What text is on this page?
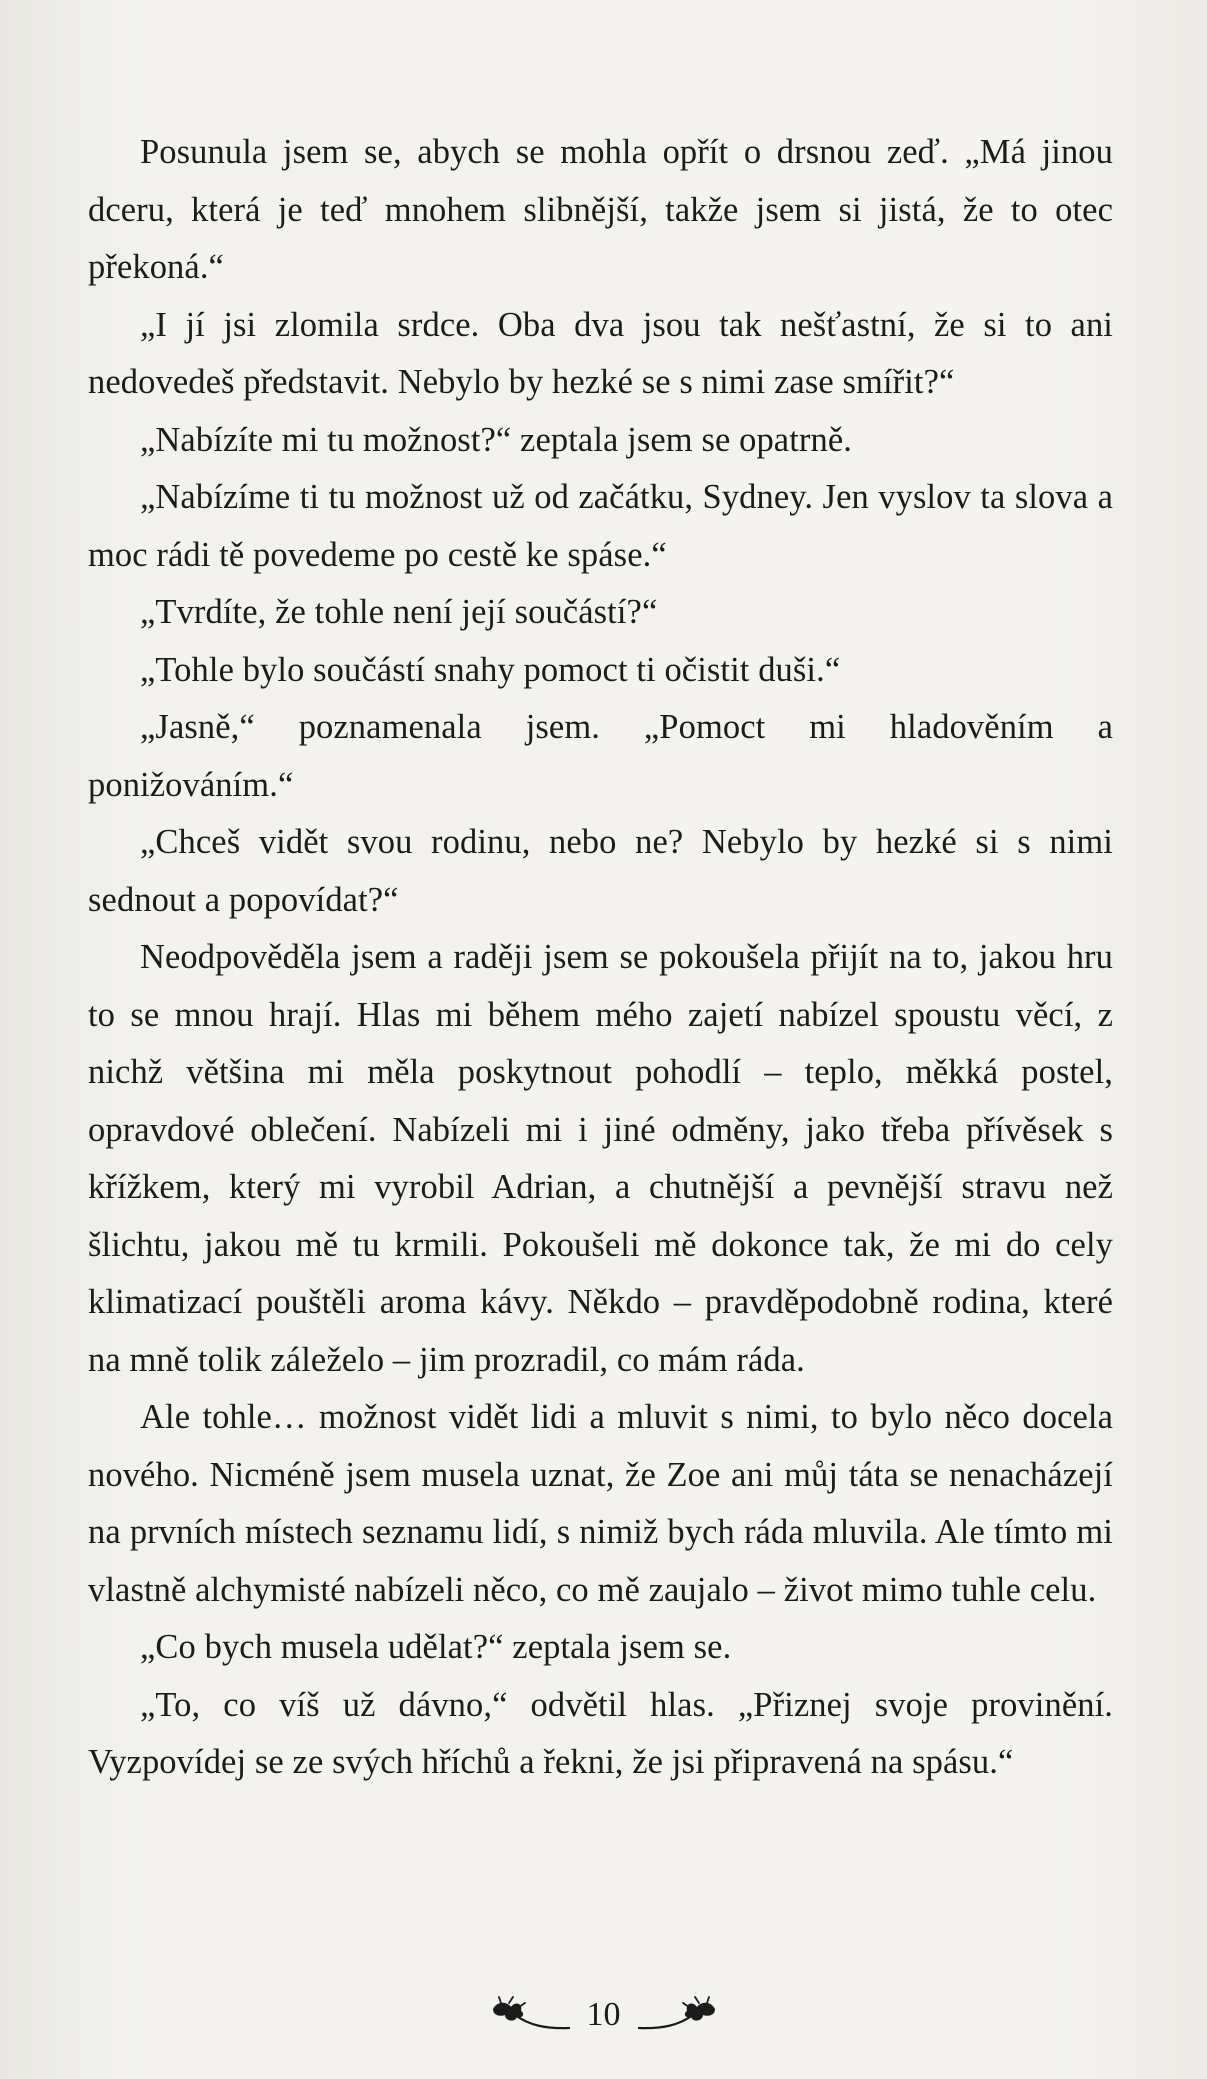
Posunula jsem se, abych se mohla opřít o drsnou zeď. „Má jinou dceru, která je teď mnohem slibnější, takže jsem si jistá, že to otec překoná.“

„I jí jsi zlomila srdce. Oba dva jsou tak nešťastní, že si to ani nedovedeš představit. Nebylo by hezké se s nimi zase smířit?“

„Nabízíte mi tu možnost?“ zeptala jsem se opatrně.

„Nabízíme ti tu možnost už od začátku, Sydney. Jen vyslov ta slova a moc rádi tě povedeme po cestě ke spáse.“

„Tvrdíte, že tohle není její součástí?“

„Tohle bylo součástí snahy pomoct ti očistit duši.“

„Jasně,“ poznamenala jsem. „Pomoct mi hladověním a ponižováním.“

„Chceš vidět svou rodinu, nebo ne? Nebylo by hezké si s nimi sednout a popovídat?“

Neodpověděla jsem a raději jsem se pokoušela přijít na to, jakou hru to se mnou hrají. Hlas mi během mého zajetí nabízel spoustu věcí, z nichž většina mi měla poskytnout pohodlí – teplo, měkká postel, opravdové oblečení. Nabízeli mi i jiné odměny, jako třeba přívěsek s křížkem, který mi vyrobil Adrian, a chutnější a pevnější stravu než šlichtu, jakou mě tu krmili. Pokoušeli mě dokonce tak, že mi do cely klimatizací pouštěli aroma kávy. Někdo – pravděpodobně rodina, které na mně tolik záleželo – jim prozradil, co mám ráda.

Ale tohle… možnost vidět lidi a mluvit s nimi, to bylo něco docela nového. Nicméně jsem musela uznat, že Zoe ani můj táta se nenacházejí na prvních místech seznamu lidí, s nimiž bych ráda mluvila. Ale tímto mi vlastně alchymisté nabízeli něco, co mě zaujalo – život mimo tuhle celu.

„Co bych musela udělat?“ zeptala jsem se.

„To, co víš už dávno,“ odvětil hlas. „Přiznej svoje provinění. Vyzpovídej se ze svých hříchů a řekni, že jsi připravená na spásu.“

10
